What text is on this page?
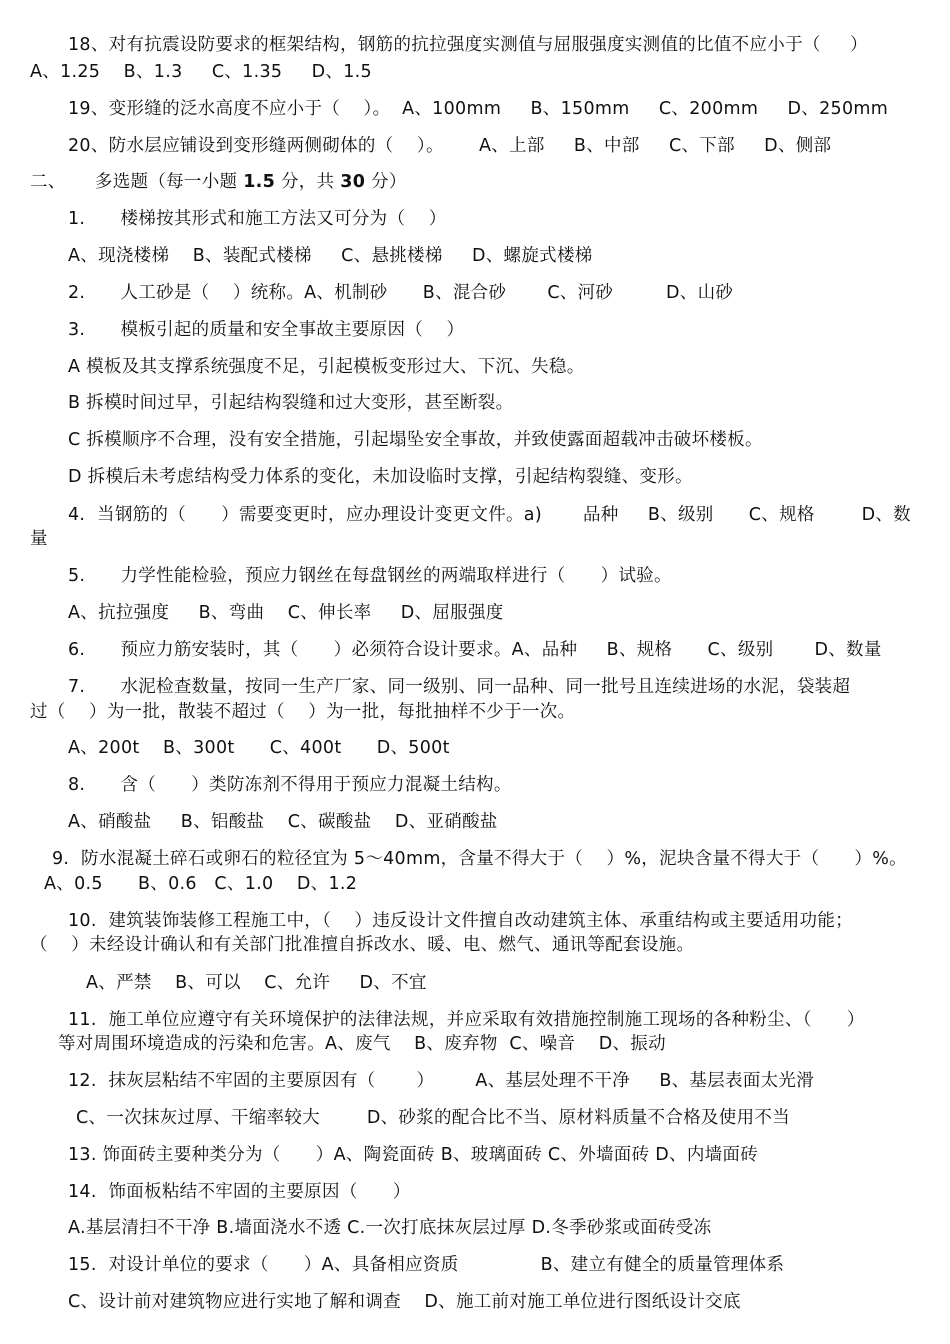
18、对有抗震设防要求的框架结构，钢筋的抗拉强度实测值与屈服强度实测值的比值不应小于（     ）
A、1.25    B、1.3     C、1.35     D、1.5
19、变形缝的泛水高度不应小于（    ）。  A、100mm     B、150mm     C、200mm     D、250mm
20、防水层应铺设到变形缝两侧砌体的（    ）。      A、上部     B、中部     C、下部     D、侧部
二、     多选题（每一小题 1.5 分，共 30 分）
1.      楼梯按其形式和施工方法又可分为（    ）
A、现浇楼梯    B、装配式楼梯     C、悬挑楼梯     D、螺旋式楼梯
2.      人工砂是（    ）统称。A、机制砂      B、混合砂       C、河砂         D、山砂
3.      模板引起的质量和安全事故主要原因（    ）
A 模板及其支撑系统强度不足，引起模板变形过大、下沉、失稳。
B 拆模时间过早，引起结构裂缝和过大变形，甚至断裂。
C 拆模顺序不合理，没有安全措施，引起塌坠安全事故，并致使露面超载冲击破坏楼板。
D 拆模后未考虑结构受力体系的变化，未加设临时支撑，引起结构裂缝、变形。
4.  当钢筋的（      ）需要变更时，应办理设计变更文件。a)       品种     B、级别      C、规格        D、数
量
5.      力学性能检验，预应力钢丝在每盘钢丝的两端取样进行（      ）试验。
A、抗拉强度     B、弯曲    C、伸长率     D、屈服强度
6.      预应力筋安装时，其（      ）必须符合设计要求。A、品种     B、规格      C、级别       D、数量
7.      水泥检查数量，按同一生产厂家、同一级别、同一品种、同一批号且连续进场的水泥，袋装超
过（    ）为一批，散装不超过（    ）为一批，每批抽样不少于一次。
A、200t    B、300t      C、400t      D、500t
8.      含（      ）类防冻剂不得用于预应力混凝土结构。
A、硝酸盐     B、铝酸盐    C、碳酸盐    D、亚硝酸盐
9.  防水混凝土碎石或卵石的粒径宜为 5～40mm，含量不得大于（    ）%，泥块含量不得大于（      ）%。
A、0.5      B、0.6   C、1.0    D、1.2
10.  建筑装饰装修工程施工中，（    ）违反设计文件擅自改动建筑主体、承重结构或主要适用功能；
（    ）未经设计确认和有关部门批准擅自拆改水、暖、电、燃气、通讯等配套设施。
A、严禁    B、可以    C、允许     D、不宜
11.  施工单位应遵守有关环境保护的法律法规，并应采取有效措施控制施工现场的各种粉尘、（      ）
等对周围环境造成的污染和危害。A、废气    B、废弃物  C、噪音    D、振动
12.  抹灰层粘结不牢固的主要原因有（       ）       A、基层处理不干净     B、基层表面太光滑
C、一次抹灰过厚、干缩率较大        D、砂浆的配合比不当、原材料质量不合格及使用不当
13. 饰面砖主要种类分为（      ）A、陶瓷面砖 B、玻璃面砖 C、外墙面砖 D、内墙面砖
14.  饰面板粘结不牢固的主要原因（      ）
A.基层清扫不干净 B.墙面浇水不透 C.一次打底抹灰层过厚 D.冬季砂浆或面砖受冻
15.  对设计单位的要求（      ）A、具备相应资质              B、建立有健全的质量管理体系
C、设计前对建筑物应进行实地了解和调查    D、施工前对施工单位进行图纸设计交底
